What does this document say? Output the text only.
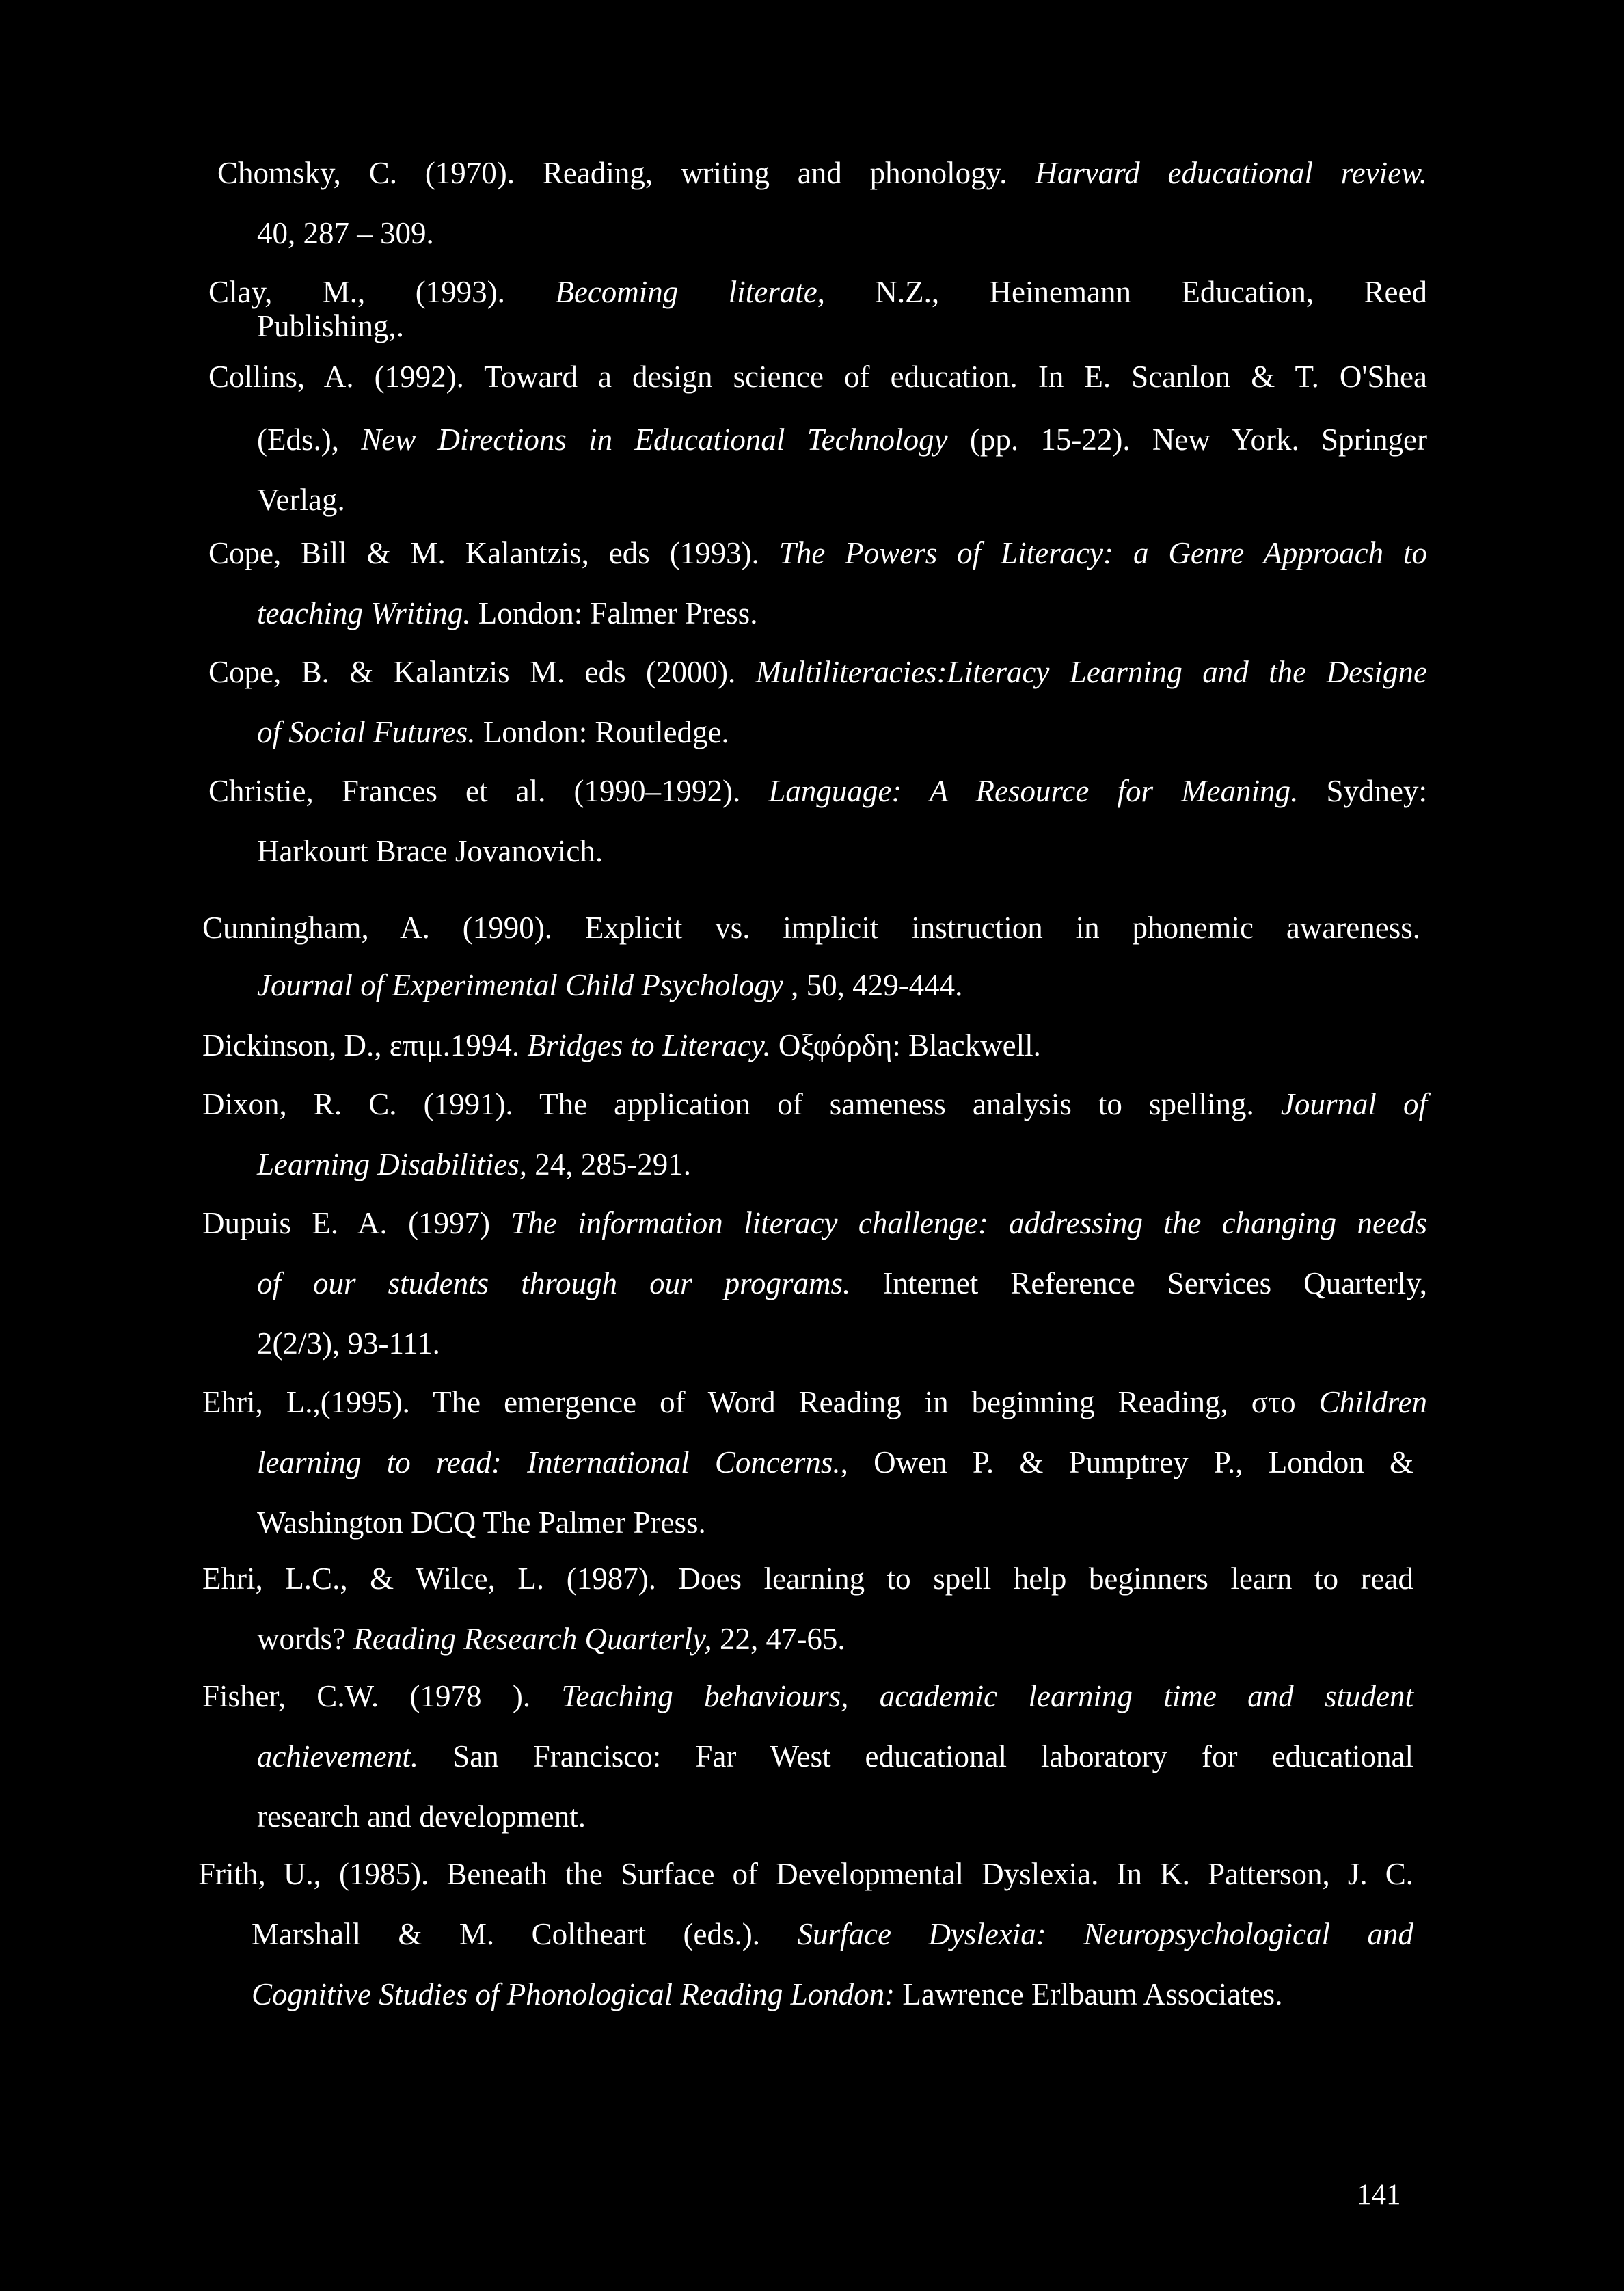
Chomsky, C. (1970). Reading, writing and phonology. Harvard educational review.
40, 287 – 309.
Clay, M., (1993). Becoming literate, N.Z., Heinemann Education, Reed
Publishing,.
Collins, A. (1992). Toward a design science of education. In E. Scanlon & T. O'Shea
(Eds.), New Directions in Educational Technology (pp. 15-22). New York. Springer
Verlag.
Cope, Bill & M. Kalantzis, eds (1993). The Powers of Literacy: a Genre Approach to
teaching Writing. London: Falmer Press.
Cope, B. & Kalantzis M. eds (2000). Multiliteracies:Literacy Learning and the Designe
of Social Futures. London: Routledge.
Christie, Frances et al. (1990–1992). Language: A Resource for Meaning. Sydney:
Harkourt Brace Jovanovich.
Cunningham, A. (1990). Explicit vs. implicit instruction in phonemic awareness.
Journal of Experimental Child Psychology , 50, 429-444.
Dickinson, D., επιμ.1994. Bridges to Literacy. Οξφόρδη: Blackwell.
Dixon, R. C. (1991). The application of sameness analysis to spelling. Journal of
Learning Disabilities, 24, 285-291.
Dupuis E. A. (1997) The information literacy challenge: addressing the changing needs
of our students through our programs. Internet Reference Services Quarterly,
2(2/3), 93-111.
Ehri, L.,(1995). The emergence of Word Reading in beginning Reading, στο Children
learning to read: International Concerns., Owen P. & Pumptrey P., London &
Washington DCQ The Palmer Press.
Ehri, L.C., & Wilce, L. (1987). Does learning to spell help beginners learn to read
words? Reading Research Quarterly, 22, 47-65.
Fisher, C.W. (1978 ). Teaching behaviours, academic learning time and student
achievement. San Francisco: Far West educational laboratory for educational
research and development.
Frith, U., (1985). Beneath the Surface of Developmental Dyslexia. In K. Patterson, J. C.
Marshall & M. Coltheart (eds.). Surface Dyslexia: Neuropsychological and
Cognitive Studies of Phonological Reading London: Lawrence Erlbaum Associates.
141
